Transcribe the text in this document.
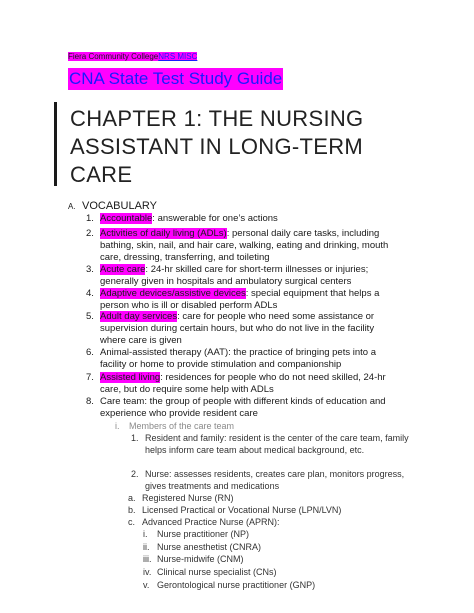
Fiera Community CollegeNRS MISC
CNA State Test Study Guide
CHAPTER 1: THE NURSING ASSISTANT IN LONG-TERM CARE
A. VOCABULARY
1. Accountable: answerable for one’s actions
2. Activities of daily living (ADLs): personal daily care tasks, including bathing, skin, nail, and hair care, walking, eating and drinking, mouth care, dressing, transferring, and toileting
3. Acute care: 24-hr skilled care for short-term illnesses or injuries; generally given in hospitals and ambulatory surgical centers
4. Adaptive devices/assistive devices: special equipment that helps a person who is ill or disabled perform ADLs
5. Adult day services: care for people who need some assistance or supervision during certain hours, but who do not live in the facility where care is given
6. Animal-assisted therapy (AAT): the practice of bringing pets into a facility or home to provide stimulation and companionship
7. Assisted living: residences for people who do not need skilled, 24-hr care, but do require some help with ADLs
8. Care team: the group of people with different kinds of education and experience who provide resident care
i. Members of the care team
1. Resident and family: resident is the center of the care team, family helps inform care team about medical background, etc.
2. Nurse: assesses residents, creates care plan, monitors progress, gives treatments and medications
a. Registered Nurse (RN)
b. Licensed Practical or Vocational Nurse (LPN/LVN)
c. Advanced Practice Nurse (APRN):
i. Nurse practitioner (NP)
ii. Nurse anesthetist (CNRA)
iii. Nurse-midwife (CNM)
iv. Clinical nurse specialist (CNs)
v. Gerontological nurse practitioner (GNP)
